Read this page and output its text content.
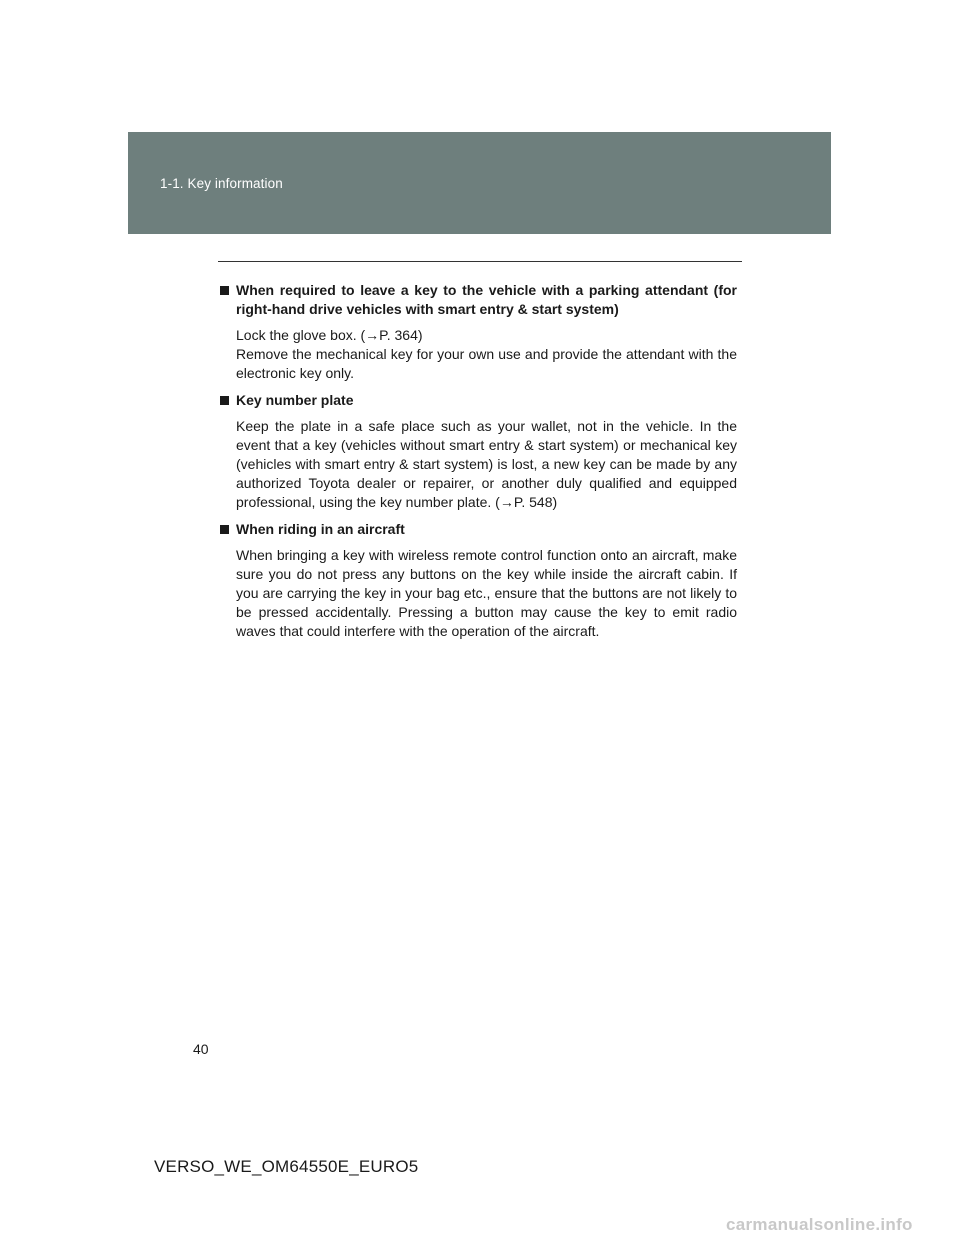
1-1. Key information
When required to leave a key to the vehicle with a parking attendant (for right-hand drive vehicles with smart entry & start system)

Lock the glove box. (→P. 364)

Remove the mechanical key for your own use and provide the attendant with the electronic key only.

Key number plate

Keep the plate in a safe place such as your wallet, not in the vehicle. In the event that a key (vehicles without smart entry & start system) or mechanical key (vehicles with smart entry & start system) is lost, a new key can be made by any authorized Toyota dealer or repairer, or another duly qualified and equipped professional, using the key number plate. (→P. 548)

When riding in an aircraft

When bringing a key with wireless remote control function onto an aircraft, make sure you do not press any buttons on the key while inside the aircraft cabin. If you are carrying the key in your bag etc., ensure that the buttons are not likely to be pressed accidentally. Pressing a button may cause the key to emit radio waves that could interfere with the operation of the aircraft.

40
VERSO_WE_OM64550E_EURO5
carmanualsonline.info
